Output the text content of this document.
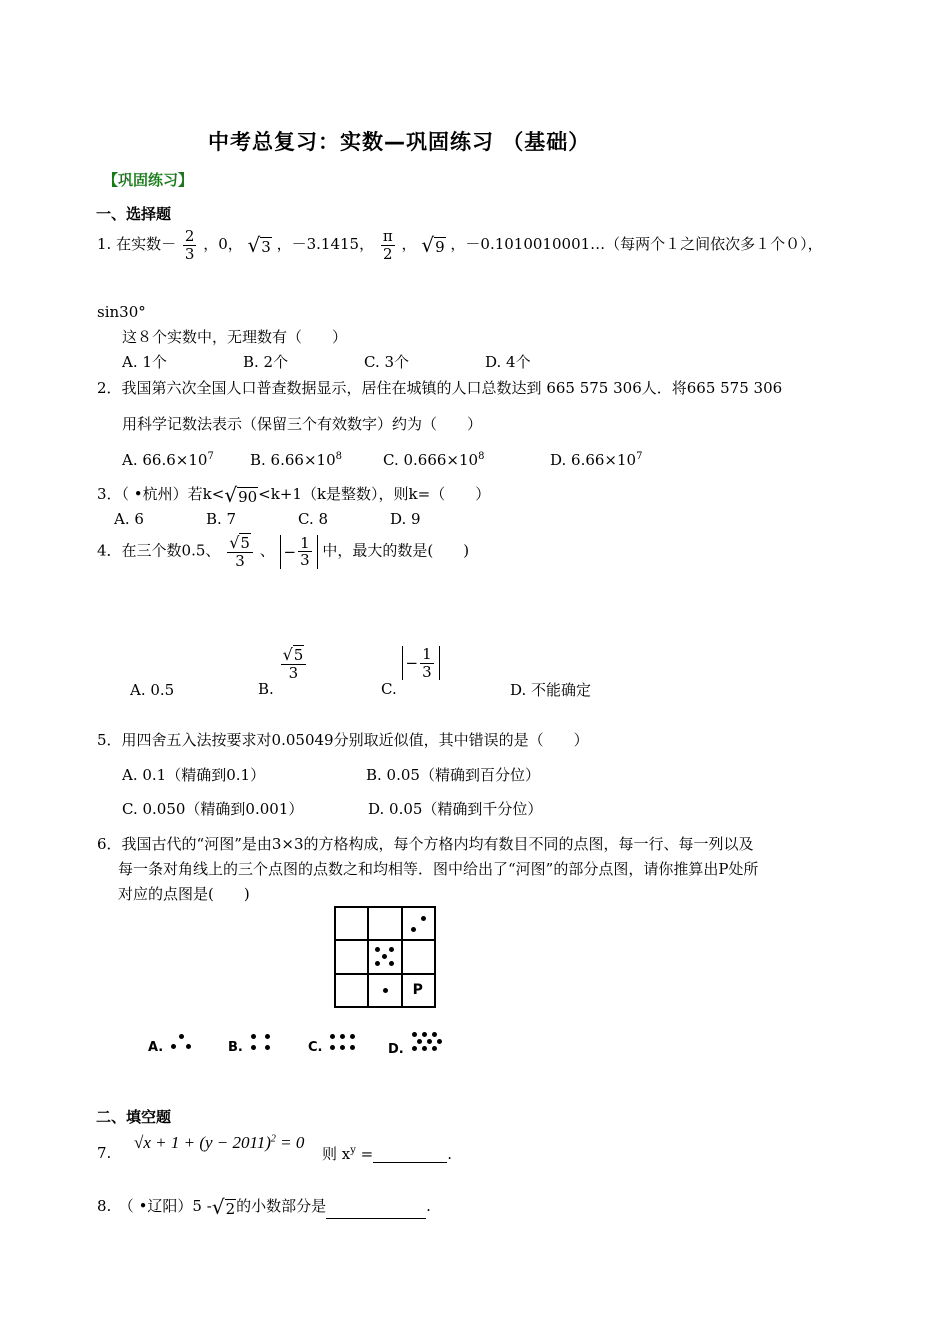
中考总复习：实数—巩固练习 （基础）
【巩固练习】
一、选择题
1. 在实数－ $\frac{2}{3}$ ，0， √3 ，－3.1415， $\frac{\pi}{2}$ ， √9 ，－0.1010010001…（每两个１之间依次多１个０），
sin30°
这８个实数中，无理数有（　　）
A. 1个	B. 2个	C. 3个	D. 4个
2．我国第六次全国人口普查数据显示，居住在城镇的人口总数达到 665 575 306人．将665 575 306
用科学记数法表示（保留三个有效数字）约为（　　）
A. $66.6\times 10^7$ B. $6.66\times 10^8$	C. $0.666\times 10^8$	D. $6.66\times 10^7$
3．（ •杭州）若k<√90<k+1（k是整数），则k=（　　）
A. 6	B. 7	C. 8	D. 9
4．在三个数0.5、 $\frac{√5}{3}$ 、 − $\frac{1}{3}$ 中，最大的数是(　　)
A. 0.5	B.
$\frac{√5}{3}$
C. − $\frac{1}{3}$
D. 不能确定
5．用四舍五入法按要求对0.05049分别取近似值，其中错误的是（　　）
A. 0.1（精确到0.1）	B. 0.05（精确到百分位）
C. 0.050（精确到0.001）	D. 0.05（精确到千分位）
6．我国古代的“河图”是由3×3的方格构成，每个方格内均有数目不同的点图，每一行、每一列以及
每一条对角线上的三个点图的点数之和均相等．图中给出了“河图”的部分点图，请你推算出P处所
对应的点图是(　　)
P
A.	B.	C.	D.
二、填空题
7.
$√x + 1 + (y - 2011)^2 = 0$
则 $x^y$ =	.
8.　（ •辽阳）5 -√2的小数部分是	.
